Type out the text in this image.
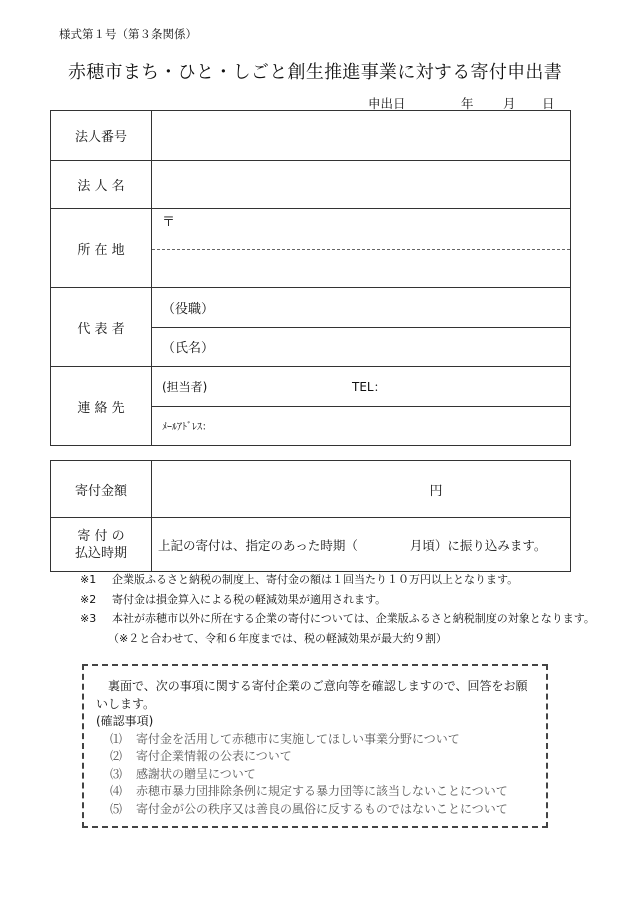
様式第１号（第３条関係）
赤穂市まち・ひと・しごと創生推進事業に対する寄付申出書
申出日	年 月 日
法人番号	
法 人 名	
所 在 地	〒

代 表 者	（役職）
（氏名）

連 絡 先	(担当者) TEL：
ﾒｰﾙｱﾄﾞﾚｽ：
寄付金額	円

寄 付 の
払込時期	上記の寄付は、指定のあった時期（ 月頃）に振り込みます。
※1 企業版ふるさと納税の制度上、寄付金の額は１回当たり１０万円以上となります。
※2 寄付金は損金算入による税の軽減効果が適用されます。
※3 本社が赤穂市以外に所在する企業の寄付については、企業版ふるさと納税制度の対象となります。
（※２と合わせて、令和６年度までは、税の軽減効果が最大約９割）
裏面で、次の事項に関する寄付企業のご意向等を確認しますので、回答をお願いします。
(確認事項)
⑴ 寄付金を活用して赤穂市に実施してほしい事業分野について
⑵ 寄付企業情報の公表について
⑶ 感謝状の贈呈について
⑷ 赤穂市暴力団排除条例に規定する暴力団等に該当しないことについて
⑸ 寄付金が公の秩序又は善良の風俗に反するものではないことについて
